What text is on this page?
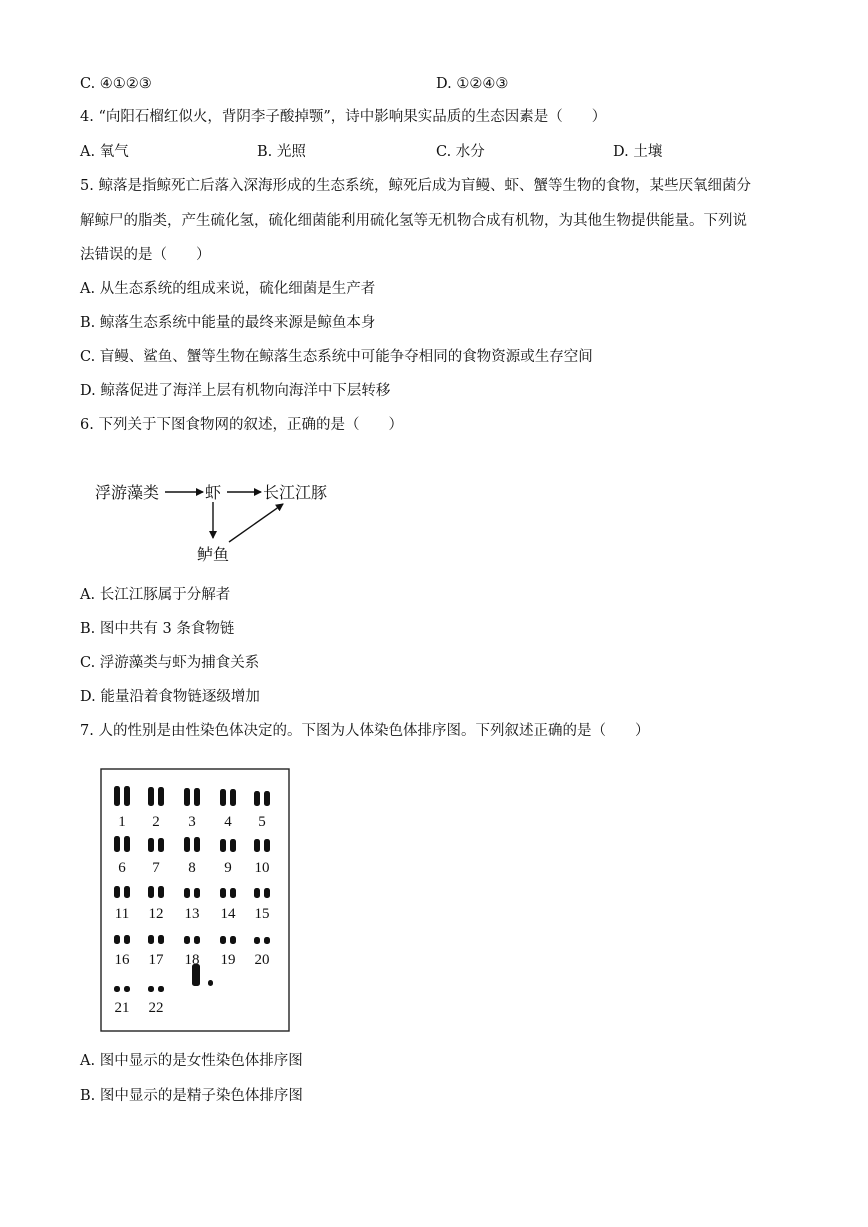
C. ④①②③	D. ①②④③
4. “向阳石榴红似火，背阴李子酸掉颚”，诗中影响果实品质的生态因素是（　　）
A. 氧气	B. 光照	C. 水分	D. 土壤
5. 鲸落是指鲸死亡后落入深海形成的生态系统，鲸死后成为盲鳗、虾、蟹等生物的食物，某些厌氧细菌分
解鲸尸的脂类，产生硫化氢，硫化细菌能利用硫化氢等无机物合成有机物，为其他生物提供能量。下列说
法错误的是（　　）
A. 从生态系统的组成来说，硫化细菌是生产者
B. 鲸落生态系统中能量的最终来源是鲸鱼本身
C. 盲鳗、鲨鱼、蟹等生物在鲸落生态系统中可能争夺相同的食物资源或生存空间
D. 鲸落促进了海洋上层有机物向海洋中下层转移
6. 下列关于下图食物网的叙述，正确的是（　　）
浮游藻类	虾	长江江豚
鲈鱼
A. 长江江豚属于分解者
B. 图中共有 3 条食物链
C. 浮游藻类与虾为捕食关系
D. 能量沿着食物链逐级增加
7. 人的性别是由性染色体决定的。下图为人体染色体排序图。下列叙述正确的是（　　）
1 2 3 4 5
6 7 8 9 10
11 12 13 14 15
16 17 18 19 20
21 22
A. 图中显示的是女性染色体排序图
B. 图中显示的是精子染色体排序图
